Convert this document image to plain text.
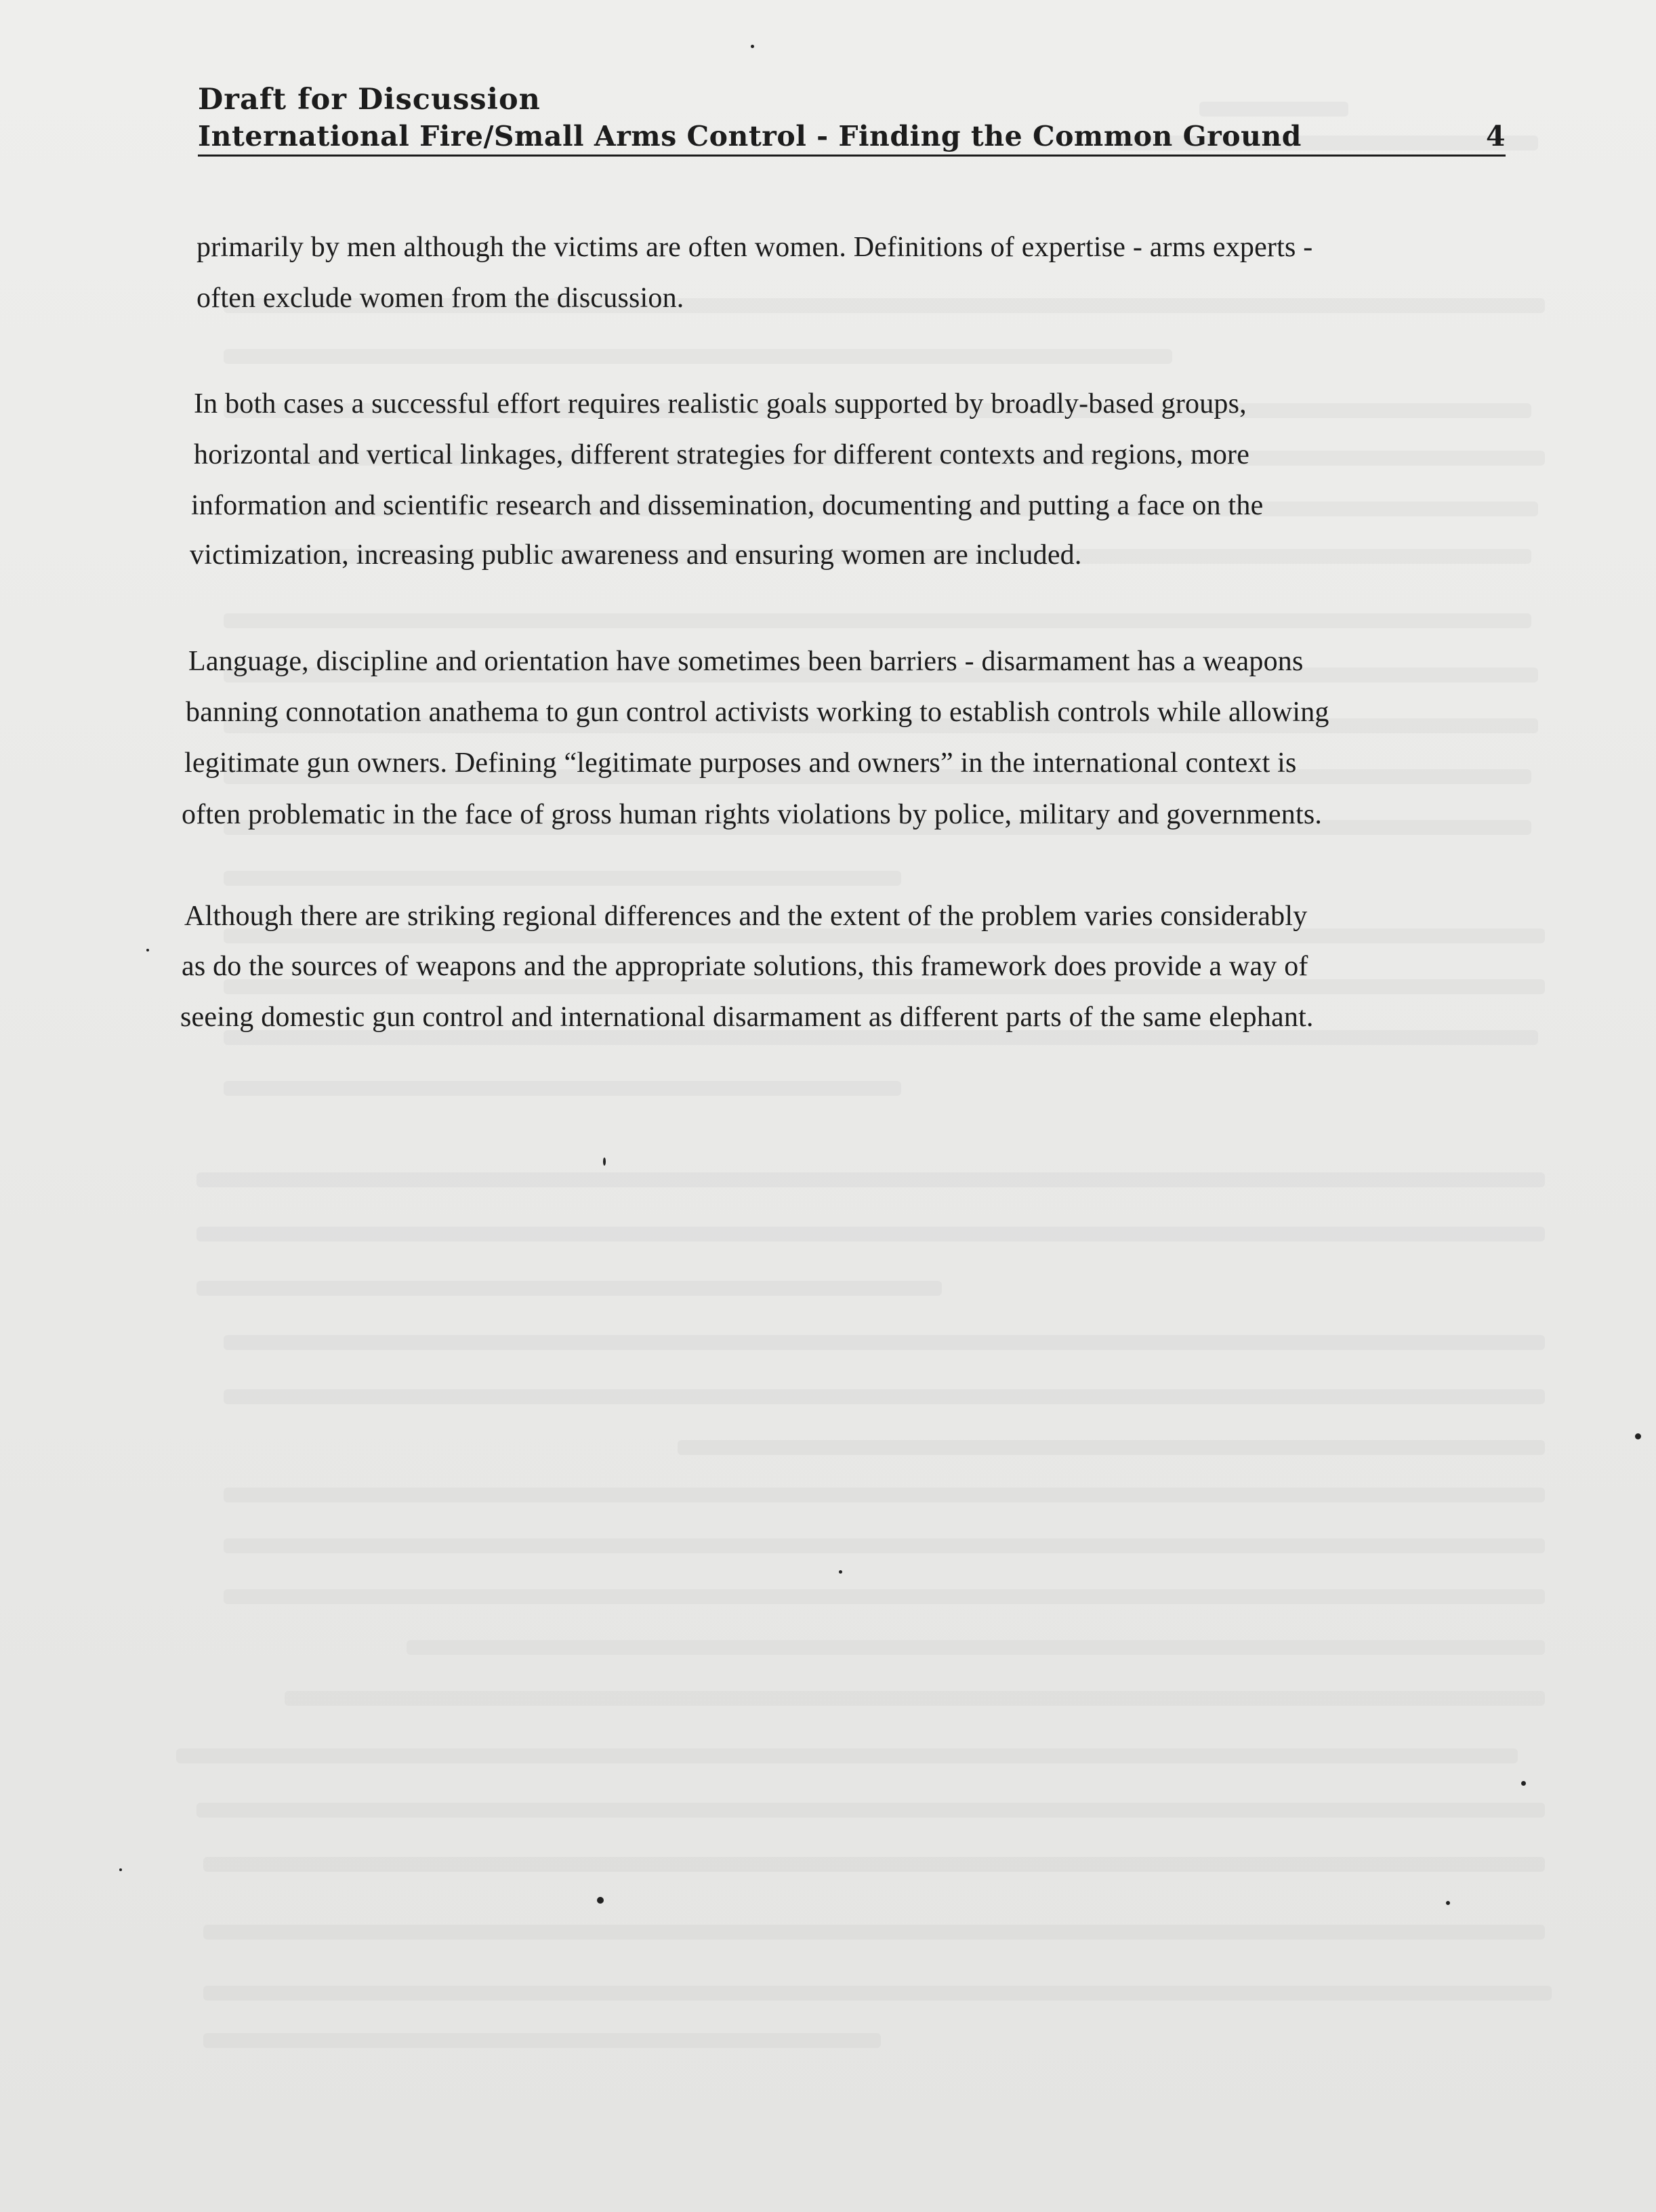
Draft for Discussion
International Fire/Small Arms Control - Finding the Common Ground	4
primarily by men although the victims are often women. Definitions of expertise - arms experts -
often exclude women from the discussion.
In both cases a successful effort requires realistic goals supported by broadly-based groups,
horizontal and vertical linkages, different strategies for different contexts and regions, more
information and scientific research and dissemination, documenting and putting a face on the
victimization, increasing public awareness and ensuring women are included.
Language, discipline and orientation have sometimes been barriers - disarmament has a weapons
banning connotation anathema to gun control activists working to establish controls while allowing
legitimate gun owners. Defining “legitimate purposes and owners” in the international context is
often problematic in the face of gross human rights violations by police, military and governments.
Although there are striking regional differences and the extent of the problem varies considerably
as do the sources of weapons and the appropriate solutions, this framework does provide a way of
seeing domestic gun control and international disarmament as different parts of the same elephant.
